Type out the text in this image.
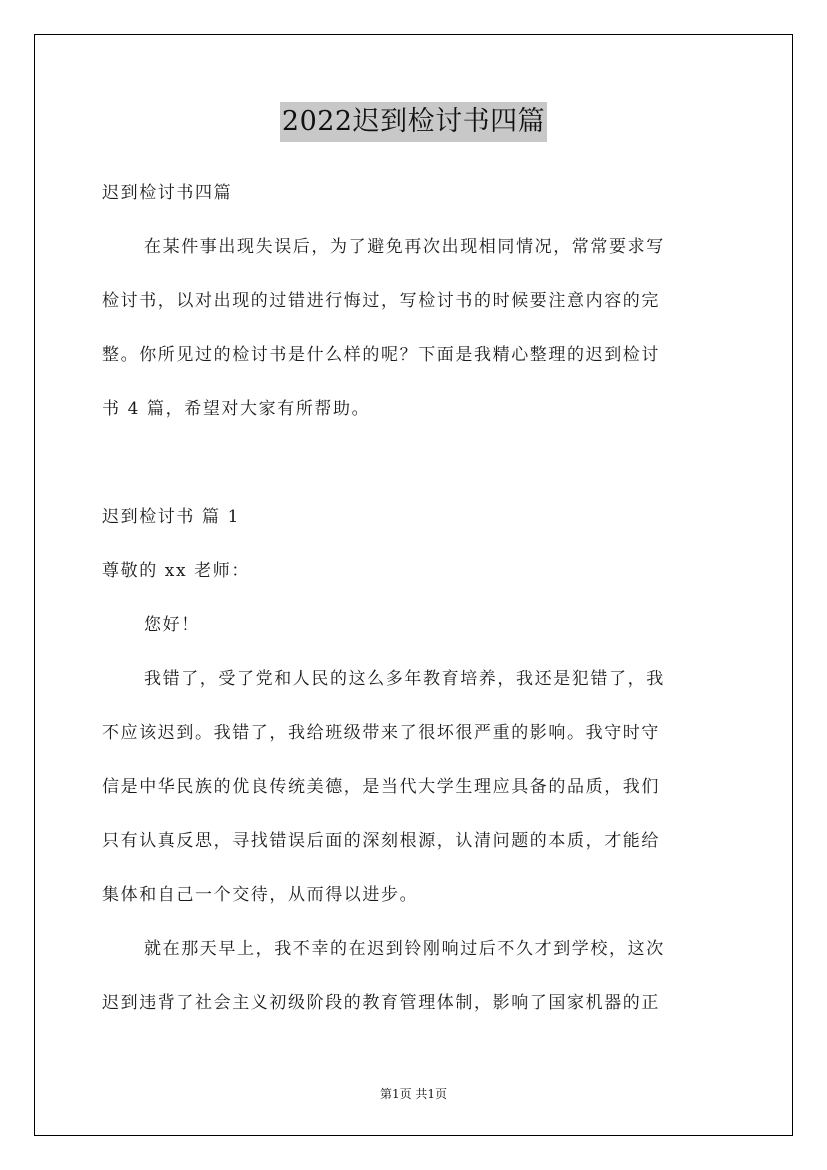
2022迟到检讨书四篇
迟到检讨书四篇
在某件事出现失误后，为了避免再次出现相同情况，常常要求写
检讨书，以对出现的过错进行悔过，写检讨书的时候要注意内容的完
整。你所见过的检讨书是什么样的呢？下面是我精心整理的迟到检讨
书 4 篇，希望对大家有所帮助。
迟到检讨书 篇 1
尊敬的 xx 老师：
您好！
我错了，受了党和人民的这么多年教育培养，我还是犯错了，我
不应该迟到。我错了，我给班级带来了很坏很严重的影响。我守时守
信是中华民族的优良传统美德，是当代大学生理应具备的品质，我们
只有认真反思，寻找错误后面的深刻根源，认清问题的本质，才能给
集体和自己一个交待，从而得以进步。
就在那天早上，我不幸的在迟到铃刚响过后不久才到学校，这次
迟到违背了社会主义初级阶段的教育管理体制，影响了国家机器的正
第1页 共1页
